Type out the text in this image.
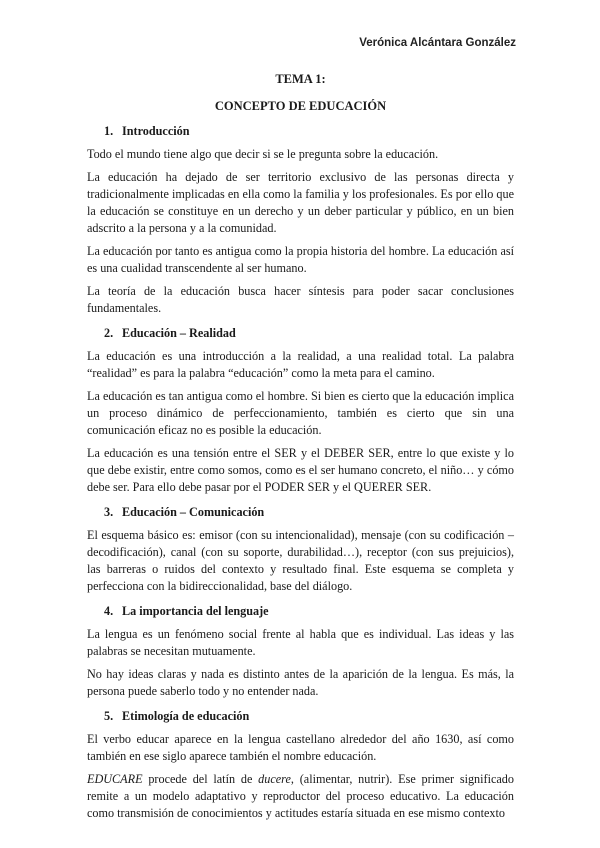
Verónica Alcántara González
TEMA 1:
CONCEPTO DE EDUCACIÓN
1. Introducción

Todo el mundo tiene algo que decir si se le pregunta sobre la educación.

La educación ha dejado de ser territorio exclusivo de las personas directa y tradicionalmente implicadas en ella como la familia y los profesionales. Es por ello que la educación se constituye en un derecho y un deber particular y público, en un bien adscrito a la persona y a la comunidad.

La educación por tanto es antigua como la propia historia del hombre. La educación así es una cualidad transcendente al ser humano.

La teoría de la educación busca hacer síntesis para poder sacar conclusiones fundamentales.

2. Educación – Realidad

La educación es una introducción a la realidad, a una realidad total. La palabra “realidad” es para la palabra “educación” como la meta para el camino.

La educación es tan antigua como el hombre. Si bien es cierto que la educación implica un proceso dinámico de perfeccionamiento, también es cierto que sin una comunicación eficaz no es posible la educación.

La educación es una tensión entre el SER y el DEBER SER, entre lo que existe y lo que debe existir, entre como somos, como es el ser humano concreto, el niño… y cómo debe ser. Para ello debe pasar por el PODER SER y el QUERER SER.

3. Educación – Comunicación

El esquema básico es: emisor (con su intencionalidad), mensaje (con su codificación – decodificación), canal (con su soporte, durabilidad…), receptor (con sus prejuicios), las barreras o ruidos del contexto y resultado final. Este esquema se completa y perfecciona con la bidireccionalidad, base del diálogo.

4. La importancia del lenguaje

La lengua es un fenómeno social frente al habla que es individual. Las ideas y las palabras se necesitan mutuamente.

No hay ideas claras y nada es distinto antes de la aparición de la lengua. Es más, la persona puede saberlo todo y no entender nada.

5. Etimología de educación

El verbo educar aparece en la lengua castellano alrededor del año 1630, así como también en ese siglo aparece también el nombre educación.

EDUCARE procede del latín de ducere, (alimentar, nutrir). Ese primer significado remite a un modelo adaptativo y reproductor del proceso educativo. La educación como transmisión de conocimientos y actitudes estaría situada en ese mismo contexto
